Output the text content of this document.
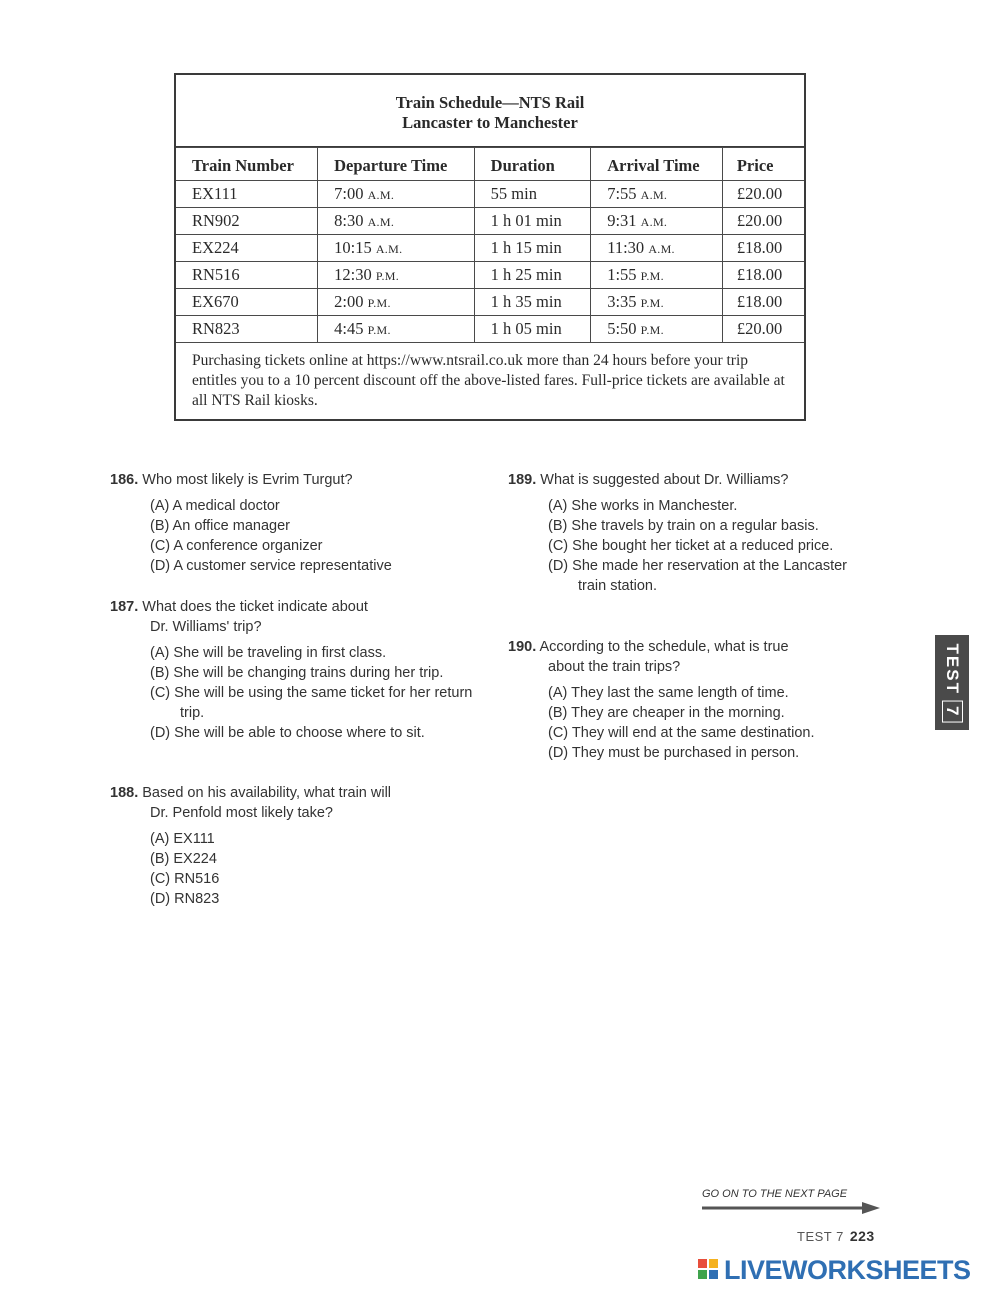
Train Schedule—NTS Rail
Lancaster to Manchester
Train Number	Departure Time	Duration	Arrival Time	Price
EX111	7:00 A.M.	55 min	7:55 A.M.	£20.00
RN902	8:30 A.M.	1 h 01 min	9:31 A.M.	£20.00
EX224	10:15 A.M.	1 h 15 min	11:30 A.M.	£18.00
RN516	12:30 P.M.	1 h 25 min	1:55 P.M.	£18.00
EX670	2:00 P.M.	1 h 35 min	3:35 P.M.	£18.00
RN823	4:45 P.M.	1 h 05 min	5:50 P.M.	£20.00
Purchasing tickets online at https://www.ntsrail.co.uk more than 24 hours before your trip entitles you to a 10 percent discount off the above-listed fares. Full-price tickets are available at all NTS Rail kiosks.
186. Who most likely is Evrim Turgut?
(A) A medical doctor
(B) An office manager
(C) A conference organizer
(D) A customer service representative
187. What does the ticket indicate about
Dr. Williams' trip?
(A) She will be traveling in first class.
(B) She will be changing trains during her trip.
(C) She will be using the same ticket for her return trip.
(D) She will be able to choose where to sit.
188. Based on his availability, what train will
Dr. Penfold most likely take?
(A) EX111
(B) EX224
(C) RN516
(D) RN823
189. What is suggested about Dr. Williams?
(A) She works in Manchester.
(B) She travels by train on a regular basis.
(C) She bought her ticket at a reduced price.
(D) She made her reservation at the Lancaster train station.
190. According to the schedule, what is true
about the train trips?
(A) They last the same length of time.
(B) They are cheaper in the morning.
(C) They will end at the same destination.
(D) They must be purchased in person.
TEST7
GO ON TO THE NEXT PAGE
TEST 7 223
LIVEWORKSHEETS
